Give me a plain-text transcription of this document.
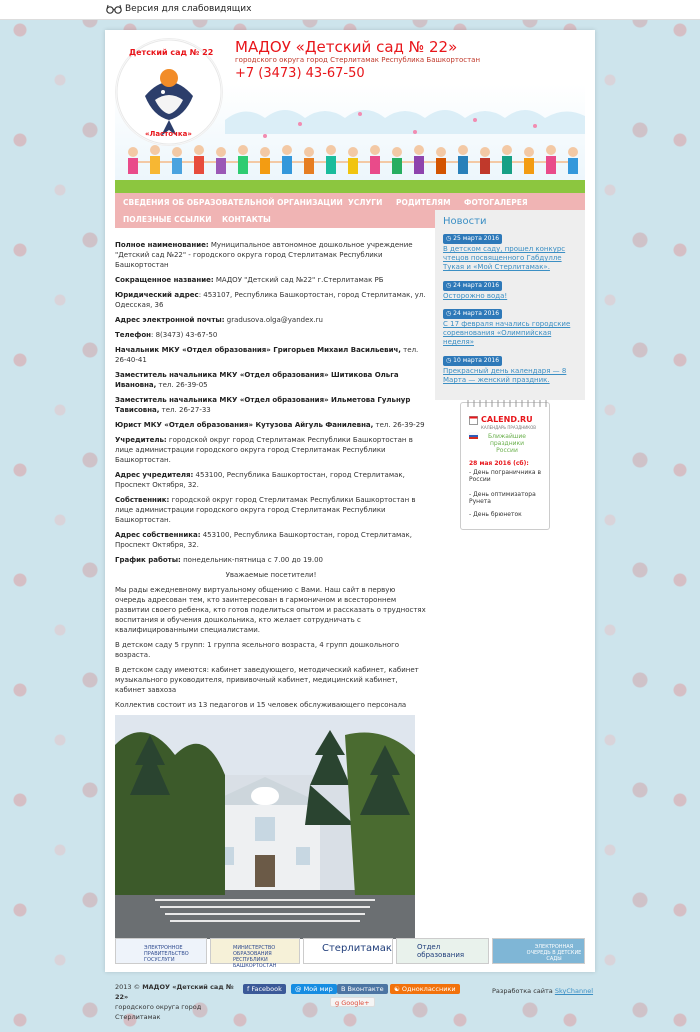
Версия для слабовидящих
Детский сад № 22
«Ласточка»
МАДОУ «Детский сад № 22»
городского округа город Стерлитамак Республика Башкортостан
+7 (3473) 43-67-50
СВЕДЕНИЯ ОБ ОБРАЗОВАТЕЛЬНОЙ ОРГАНИЗАЦИИ УСЛУГИ РОДИТЕЛЯМ ФОТОГАЛЕРЕЯ
ПОЛЕЗНЫЕ ССЫЛКИ КОНТАКТЫ

Полное наименование: Муниципальное автономное дошкольное учреждение "Детский сад №22" - городского округа город Стерлитамак Республики Башкортостан

Сокращенное название: МАДОУ "Детский сад №22" г.Стерлитамак РБ

Юридический адрес: 453107, Республика Башкортостан, город Стерлитамак, ул. Одесская, 36

Адрес электронной почты: gradusova.olga@yandex.ru

Телефон: 8(3473) 43-67-50

Начальник МКУ «Отдел образования» Григорьев Михаил Васильевич, тел. 26-40-41

Заместитель начальника МКУ «Отдел образования» Шитикова Ольга Ивановна, тел. 26-39-05

Заместитель начальника МКУ «Отдел образования» Ильметова Гульнур Тависовна, тел. 26-27-33

Юрист МКУ «Отдел образования» Кутузова Айгуль Фанилевна, тел. 26-39-29

Учредитель: городской округ город Стерлитамак Республики Башкортостан в лице администрации городского округа город Стерлитамак Республики Башкортостан.

Адрес учредителя: 453100, Республика Башкортостан, город Стерлитамак, Проспект Октября, 32.

Собственник: городской округ город Стерлитамак Республики Башкортостан в лице администрации городского округа город Стерлитамак Республики Башкортостан.

Адрес собственника: 453100, Республика Башкортостан, город Стерлитамак, Проспект Октября, 32.

График работы: понедельник-пятница с 7.00 до 19.00

Уважаемые посетители!

Мы рады ежедневному виртуальному общению с Вами. Наш сайт в первую очередь адресован тем, кто заинтересован в гармоничном и всестороннем развитии своего ребенка, кто готов поделиться опытом и рассказать о трудностях воспитания и обучения дошкольника, кто желает сотрудничать с квалифицированными специалистами.

В детском саду 5 групп: 1 группа ясельного возраста, 4 групп дошкольного возраста.

В детском саду имеются: кабинет заведующего, методический кабинет, кабинет музыкального руководителя, прививочный кабинет, медицинский кабинет, кабинет завхоза

Коллектив состоит из 13 педагогов и 15 человек обслуживающего персонала

Новости
◷ 25 марта 2016
В детском саду, прошел конкурс чтецов посвященного Габдулле Тукая и «Мой Стерлитамак».
◷ 24 марта 2016
Осторожно вода!
◷ 24 марта 2016
С 17 февраля начались городские соревнования «Олимпийская неделя»
◷ 10 марта 2016
Прекрасный день календаря — 8 Марта — женский праздник.
CALEND.RU
КАЛЕНДАРЬ ПРАЗДНИКОВ
Ближайшие праздники России
28 мая 2016 (сб):
- День пограничника в России
- День оптимизатора Рунета
- День брюнеток
ЭЛЕКТРОННОЕ ПРАВИТЕЛЬСТВО ГОСУСЛУГИ
МИНИСТЕРСТВО ОБРАЗОВАНИЯ РЕСПУБЛИКИ БАШКОРТОСТАН
Стерлитамак	Отдел образования
ЭЛЕКТРОННАЯ ОЧЕРЕДЬ В ДЕТСКИЕ САДЫ
2013 © МАДОУ «Детский сад № 22»
городского округа город Стерлитамак
f Facebook	@ Мой мир	B Вконтакте	☯ Одноклассники
g Google+
Разработка сайта SkyChannel
